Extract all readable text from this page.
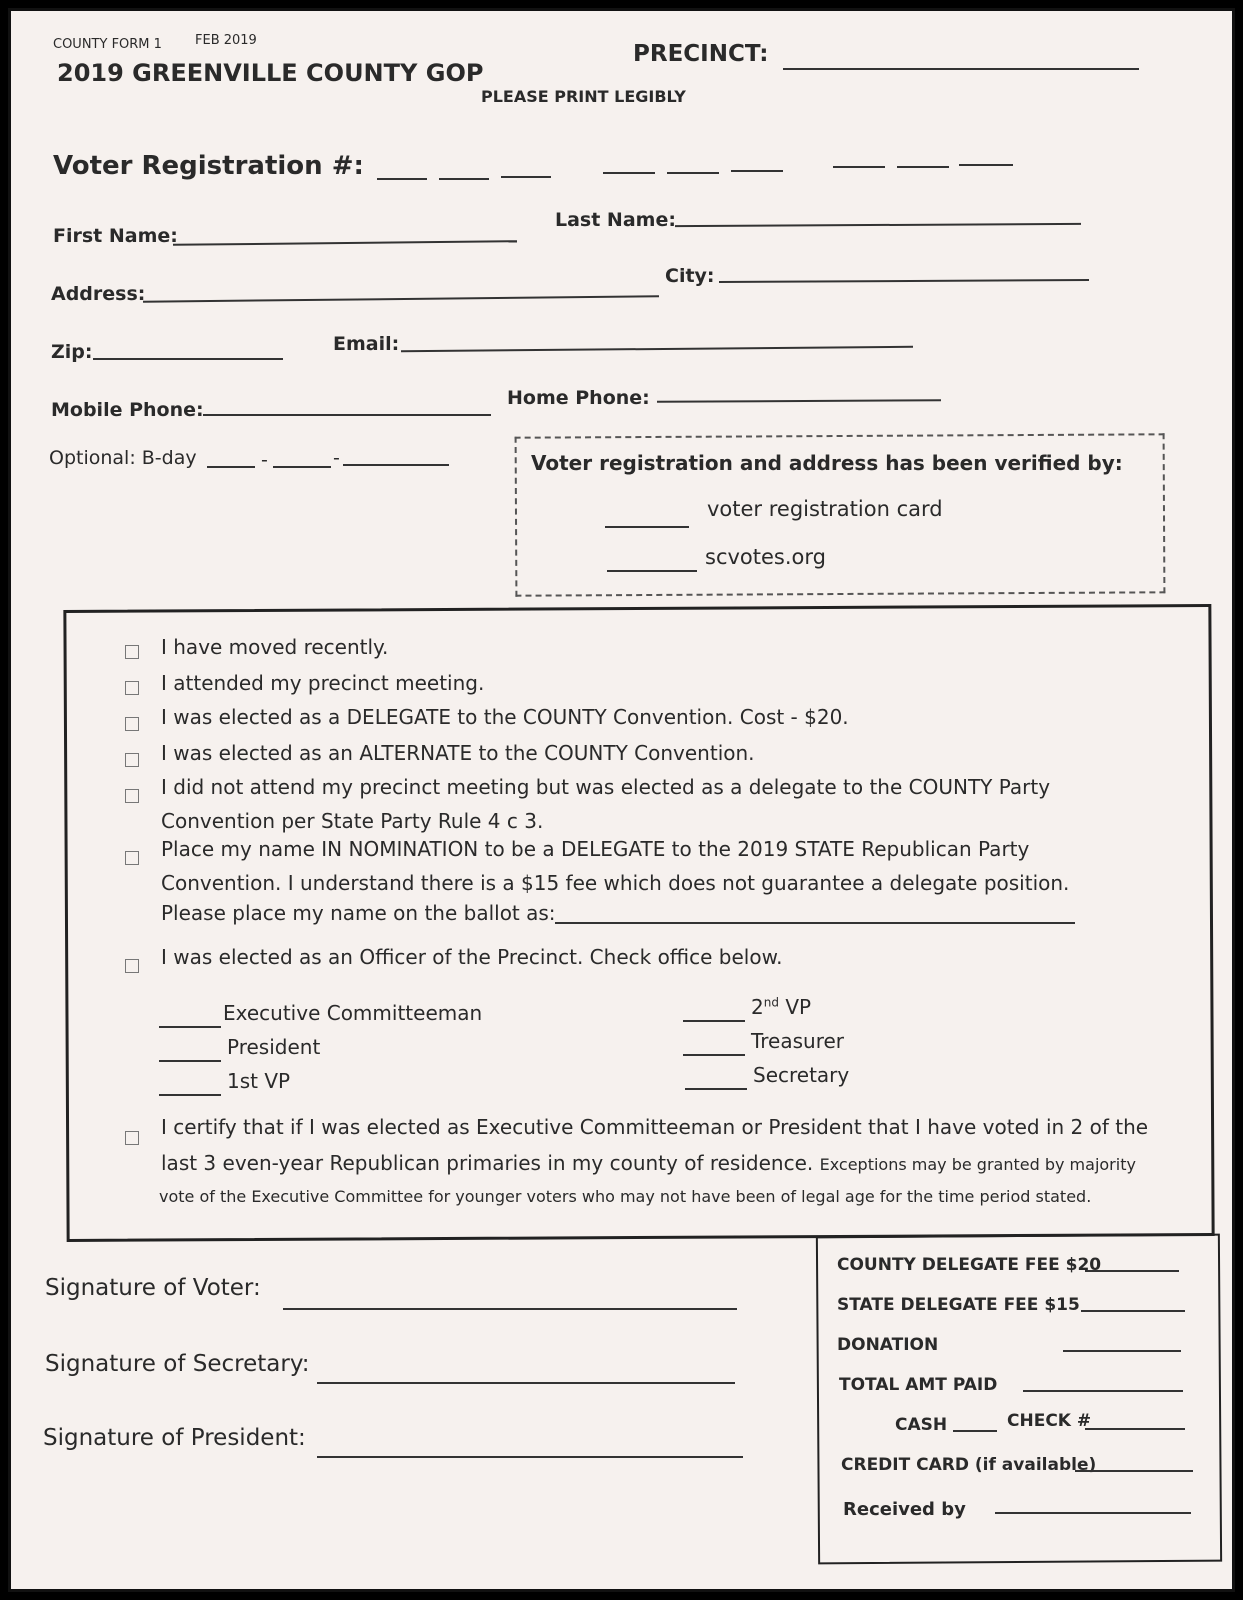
COUNTY FORM 1	FEB 2019
2019 GREENVILLE COUNTY GOP
PRECINCT:
PLEASE PRINT LEGIBLY
Voter Registration #:
First Name:
Last Name:
Address:
City:
Zip:	Email:
Mobile Phone:
Home Phone:
Optional: B-day	-	-	Voter registration and address has been verified by:
voter registration card
scvotes.org
I have moved recently.
I attended my precinct meeting.
I was elected as a DELEGATE to the COUNTY Convention. Cost - $20.
I was elected as an ALTERNATE to the COUNTY Convention.
I did not attend my precinct meeting but was elected as a delegate to the COUNTY Party
Convention per State Party Rule 4 c 3.
Place my name IN NOMINATION to be a DELEGATE to the 2019 STATE Republican Party
Convention. I understand there is a $15 fee which does not guarantee a delegate position.
Please place my name on the ballot as:
I was elected as an Officer of the Precinct. Check office below.
Executive Committeeman
President
1st VP
2nd VP
Treasurer
Secretary
I certify that if I was elected as Executive Committeeman or President that I have voted in 2 of the
last 3 even-year Republican primaries in my county of residence. Exceptions may be granted by majority
vote of the Executive Committee for younger voters who may not have been of legal age for the time period stated.
Signature of Voter:
Signature of Secretary:
Signature of President:
COUNTY DELEGATE FEE $20
STATE DELEGATE FEE $15
DONATION
TOTAL AMT PAID
CASH	CHECK #
CREDIT CARD (if available)
Received by
